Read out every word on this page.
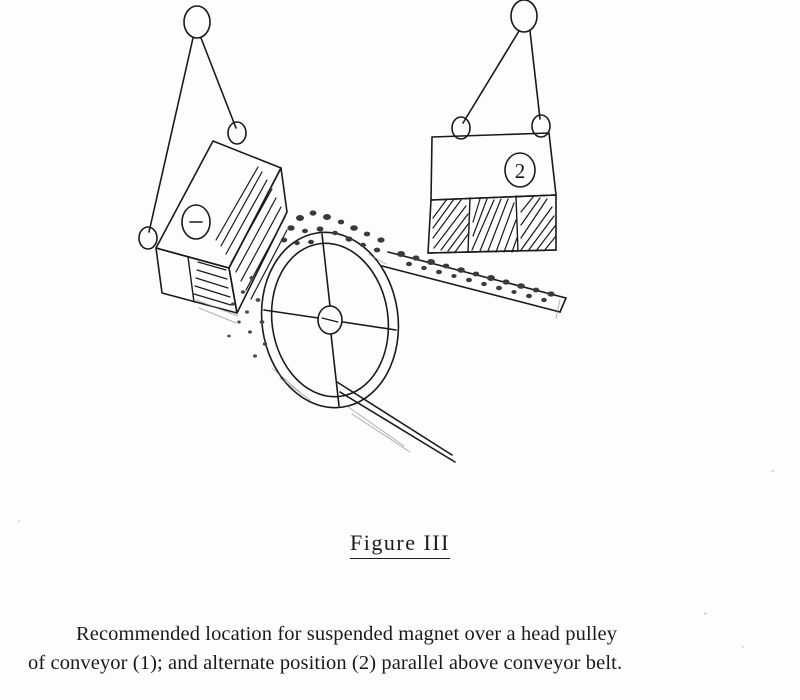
2
Figure III
Recommended location for suspended magnet over a head pulley
of conveyor (1); and alternate position (2) parallel above conveyor belt.
